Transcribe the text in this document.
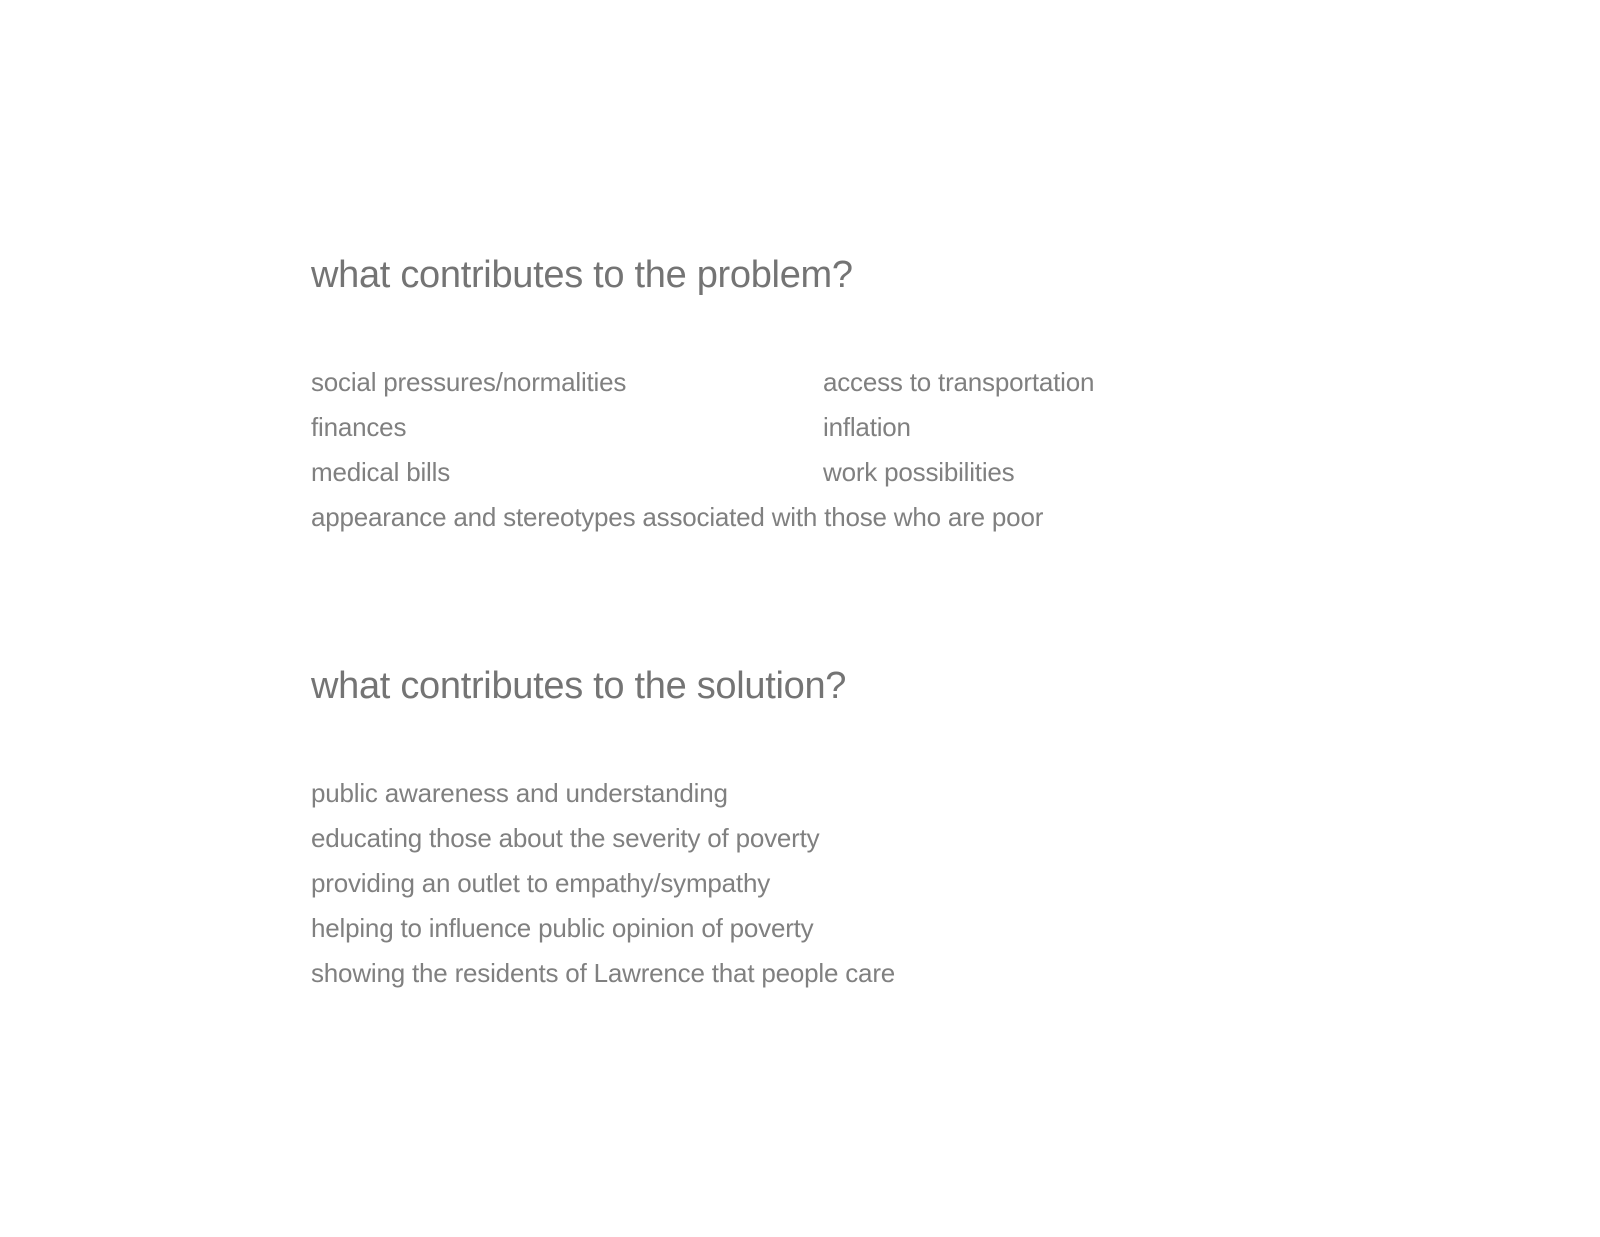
what contributes to the problem?

social pressures/normalities

finances

medical bills

access to transportation

inflation

work possibilities

appearance and stereotypes associated with those who are poor

what contributes to the solution?

public awareness and understanding

educating those about the severity of poverty

providing an outlet to empathy/sympathy

helping to influence public opinion of poverty

showing the residents of Lawrence that people care
